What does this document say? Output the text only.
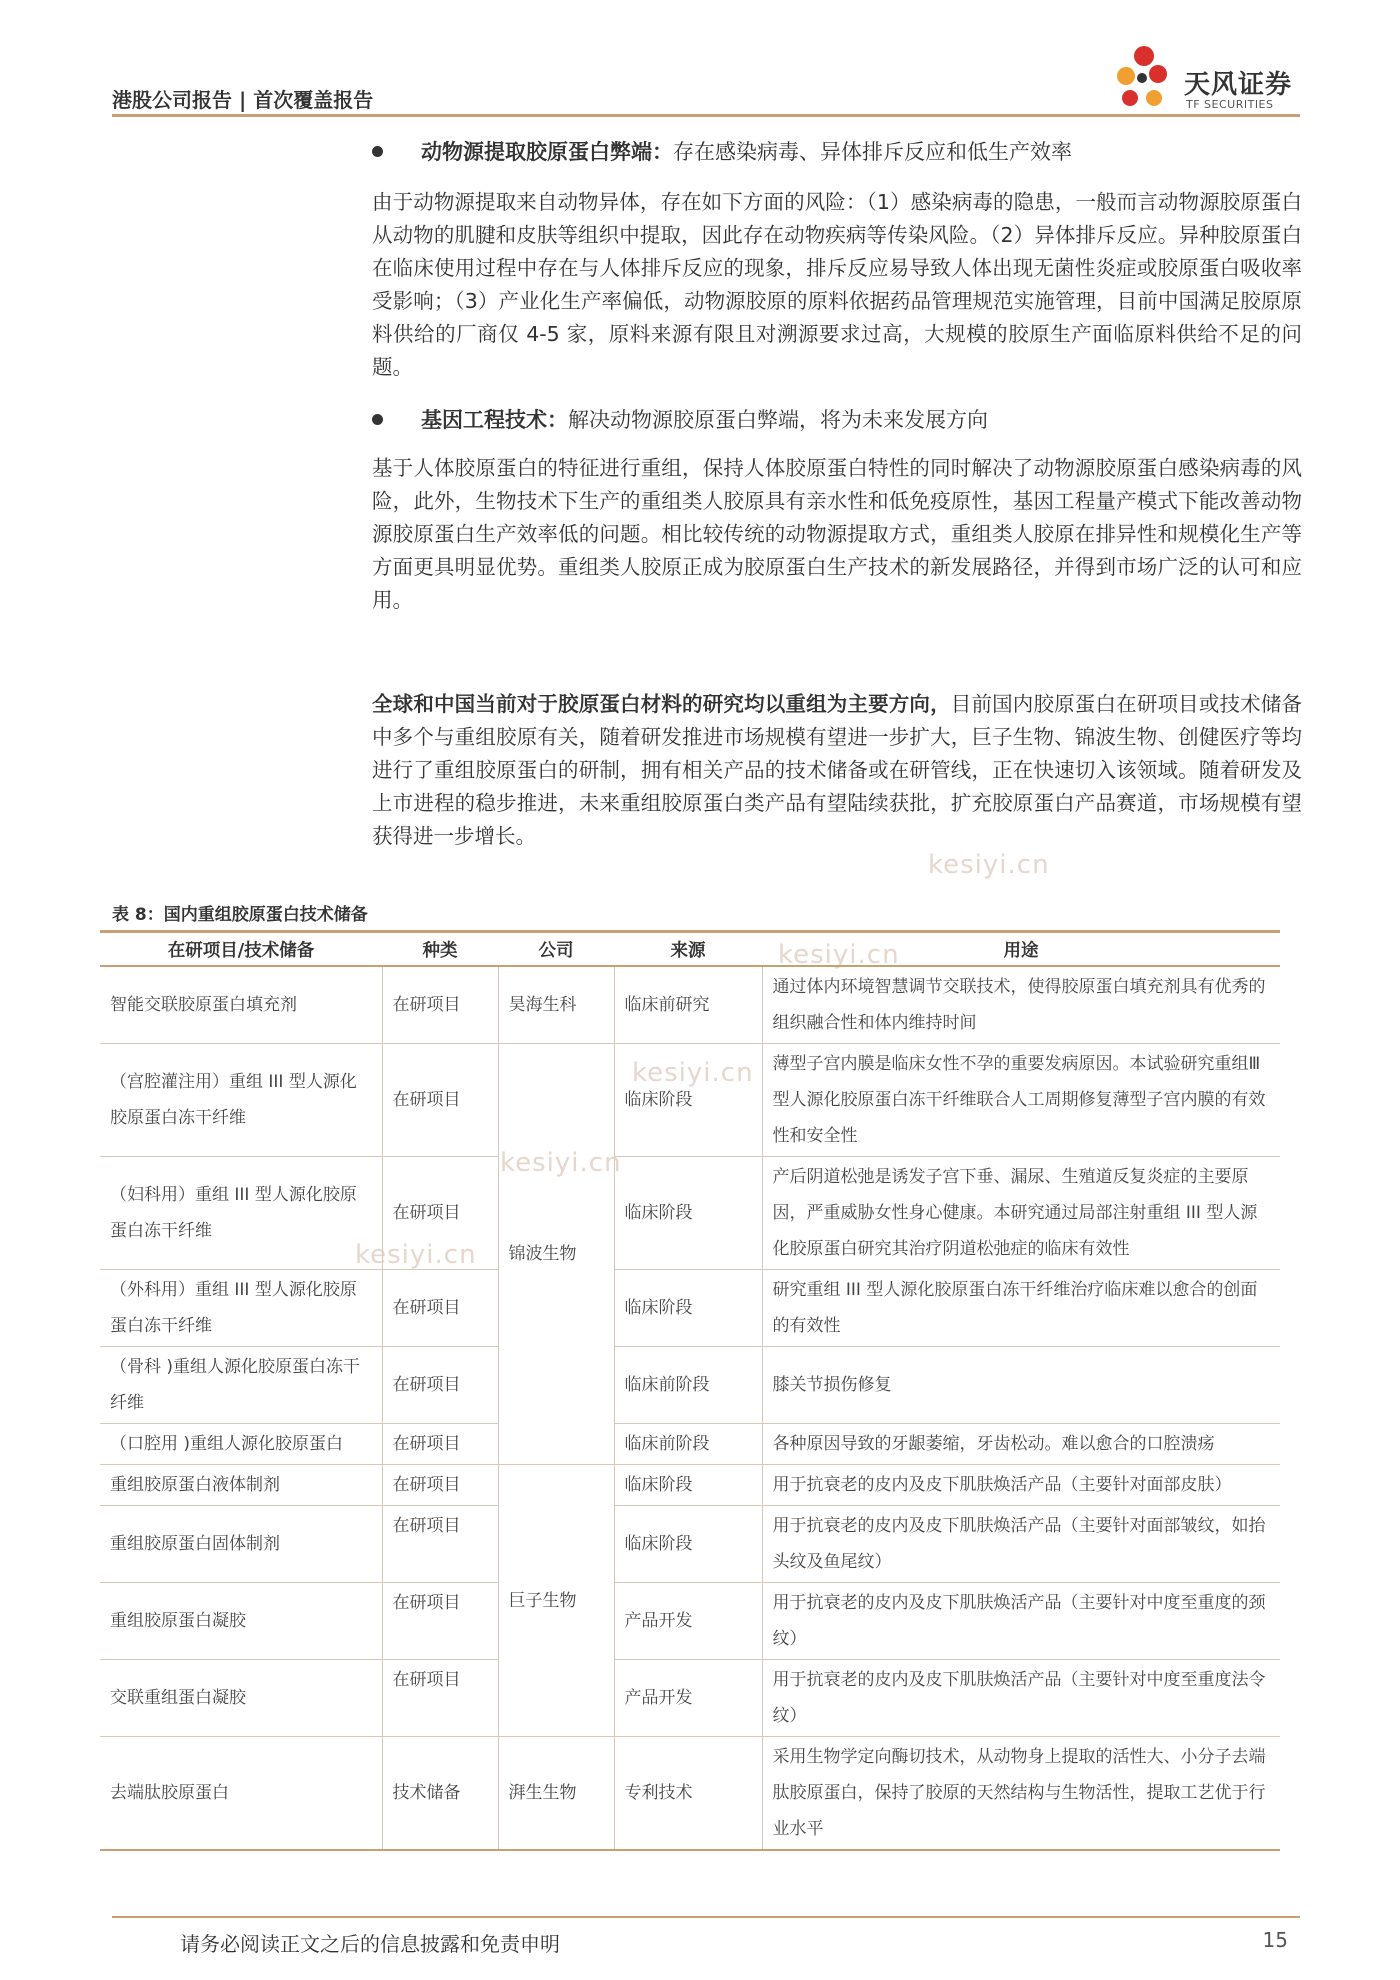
港股公司报告 | 首次覆盖报告	天风证券
TF SECURITIES
kesiyi.cn
kesiyi.cn
kesiyi.cn
kesiyi.cn
kesiyi.cn
动物源提取胶原蛋白弊端：存在感染病毒、异体排斥反应和低生产效率
由于动物源提取来自动物异体，存在如下方面的风险：（1）感染病毒的隐患，一般而言动物源胶原蛋白从动物的肌腱和皮肤等组织中提取，因此存在动物疾病等传染风险。（2）异体排斥反应。异种胶原蛋白在临床使用过程中存在与人体排斥反应的现象，排斥反应易导致人体出现无菌性炎症或胶原蛋白吸收率受影响；（3）产业化生产率偏低，动物源胶原的原料依据药品管理规范实施管理，目前中国满足胶原原料供给的厂商仅 4-5 家，原料来源有限且对溯源要求过高，大规模的胶原生产面临原料供给不足的问题。
基因工程技术：解决动物源胶原蛋白弊端，将为未来发展方向
基于人体胶原蛋白的特征进行重组，保持人体胶原蛋白特性的同时解决了动物源胶原蛋白感染病毒的风险，此外，生物技术下生产的重组类人胶原具有亲水性和低免疫原性，基因工程量产模式下能改善动物源胶原蛋白生产效率低的问题。相比较传统的动物源提取方式，重组类人胶原在排异性和规模化生产等方面更具明显优势。重组类人胶原正成为胶原蛋白生产技术的新发展路径，并得到市场广泛的认可和应用。
全球和中国当前对于胶原蛋白材料的研究均以重组为主要方向，目前国内胶原蛋白在研项目或技术储备中多个与重组胶原有关，随着研发推进市场规模有望进一步扩大，巨子生物、锦波生物、创健医疗等均进行了重组胶原蛋白的研制，拥有相关产品的技术储备或在研管线，正在快速切入该领域。随着研发及上市进程的稳步推进，未来重组胶原蛋白类产品有望陆续获批，扩充胶原蛋白产品赛道，市场规模有望获得进一步增长。
表 8：国内重组胶原蛋白技术储备
在研项目/技术储备	种类	公司	来源	用途
智能交联胶原蛋白填充剂	在研项目	昊海生科	临床前研究	通过体内环境智慧调节交联技术，使得胶原蛋白填充剂具有优秀的组织融合性和体内维持时间
（宫腔灌注用）重组 III 型人源化胶原蛋白冻干纤维	在研项目	锦波生物	临床阶段	薄型子宫内膜是临床女性不孕的重要发病原因。本试验研究重组Ⅲ型人源化胶原蛋白冻干纤维联合人工周期修复薄型子宫内膜的有效性和安全性
（妇科用）重组 III 型人源化胶原蛋白冻干纤维	在研项目		临床阶段	产后阴道松弛是诱发子宫下垂、漏尿、生殖道反复炎症的主要原因，严重威胁女性身心健康。本研究通过局部注射重组 III 型人源化胶原蛋白研究其治疗阴道松弛症的临床有效性
（外科用）重组 III 型人源化胶原蛋白冻干纤维	在研项目		临床阶段	研究重组 III 型人源化胶原蛋白冻干纤维治疗临床难以愈合的创面的有效性
（骨科 )重组人源化胶原蛋白冻干纤维	在研项目		临床前阶段	膝关节损伤修复
（口腔用 )重组人源化胶原蛋白	在研项目		临床前阶段	各种原因导致的牙龈萎缩，牙齿松动。难以愈合的口腔溃疡
重组胶原蛋白液体制剂	在研项目	巨子生物	临床阶段	用于抗衰老的皮内及皮下肌肤焕活产品（主要针对面部皮肤）
重组胶原蛋白固体制剂	在研项目		临床阶段	用于抗衰老的皮内及皮下肌肤焕活产品（主要针对面部皱纹，如抬头纹及鱼尾纹）
重组胶原蛋白凝胶	在研项目		产品开发	用于抗衰老的皮内及皮下肌肤焕活产品（主要针对中度至重度的颈纹）
交联重组蛋白凝胶	在研项目		产品开发	用于抗衰老的皮内及皮下肌肤焕活产品（主要针对中度至重度法令纹）
去端肽胶原蛋白	技术储备	湃生生物	专利技术	采用生物学定向酶切技术，从动物身上提取的活性大、小分子去端肽胶原蛋白，保持了胶原的天然结构与生物活性，提取工艺优于行业水平
请务必阅读正文之后的信息披露和免责申明	15
